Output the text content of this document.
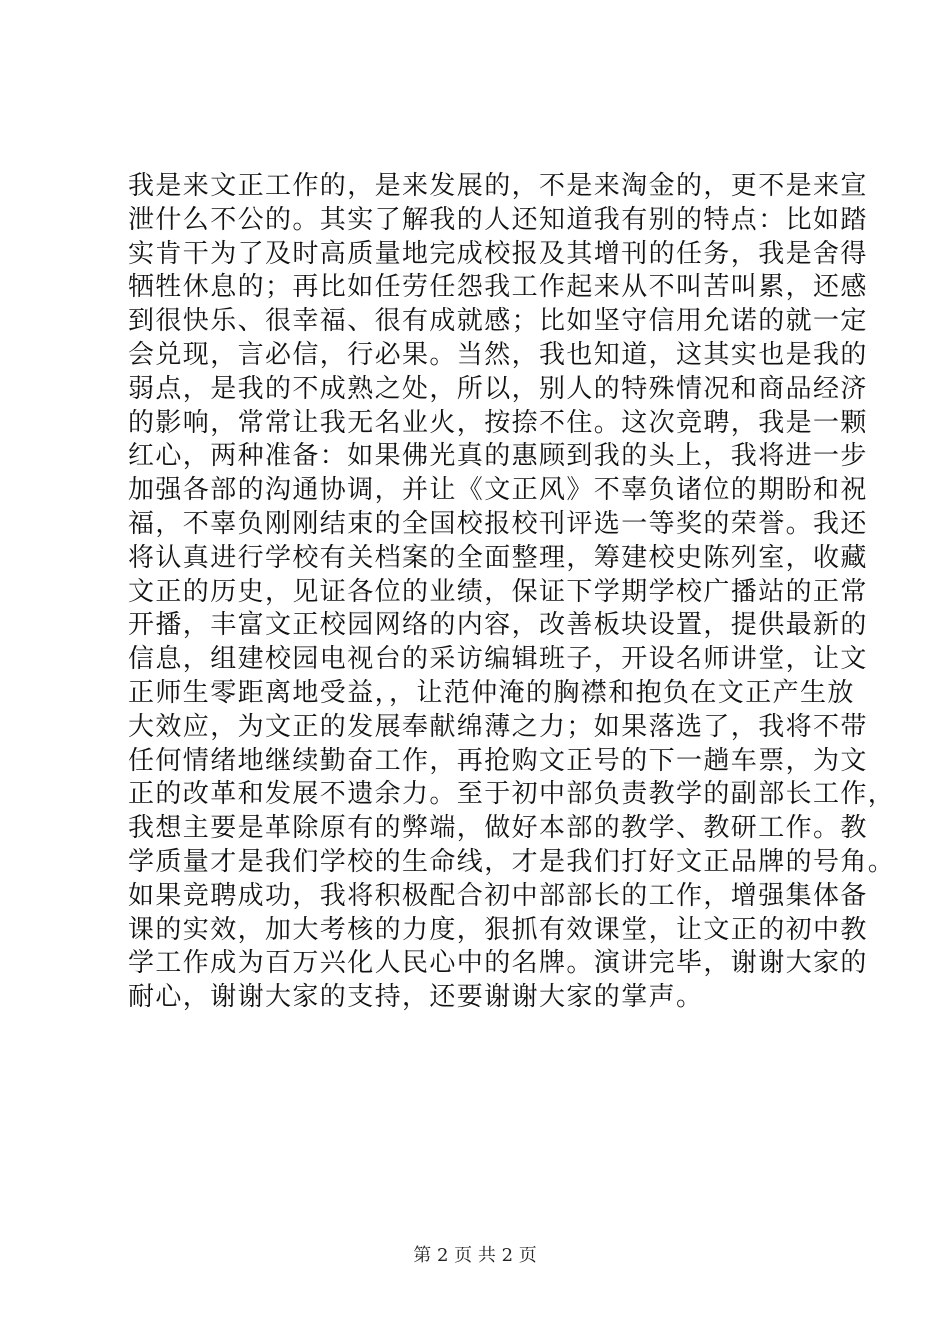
我是来文正工作的，是来发展的，不是来淘金的，更不是来宣
泄什么不公的。其实了解我的人还知道我有别的特点：比如踏
实肯干为了及时高质量地完成校报及其增刊的任务，我是舍得
牺牲休息的；再比如任劳任怨我工作起来从不叫苦叫累，还感
到很快乐、很幸福、很有成就感；比如坚守信用允诺的就一定
会兑现，言必信，行必果。当然，我也知道，这其实也是我的
弱点，是我的不成熟之处，所以，别人的特殊情况和商品经济
的影响，常常让我无名业火，按捺不住。这次竞聘，我是一颗
红心，两种准备：如果佛光真的惠顾到我的头上，我将进一步
加强各部的沟通协调，并让《文正风》不辜负诸位的期盼和祝
福，不辜负刚刚结束的全国校报校刊评选一等奖的荣誉。我还
将认真进行学校有关档案的全面整理，筹建校史陈列室，收藏
文正的历史，见证各位的业绩，保证下学期学校广播站的正常
开播，丰富文正校园网络的内容，改善板块设置，提供最新的
信息，组建校园电视台的采访编辑班子，开设名师讲堂，让文
正师生零距离地受益，，让范仲淹的胸襟和抱负在文正产生放
大效应，为文正的发展奉献绵薄之力；如果落选了，我将不带
任何情绪地继续勤奋工作，再抢购文正号的下一趟车票，为文
正的改革和发展不遗余力。至于初中部负责教学的副部长工作，
我想主要是革除原有的弊端，做好本部的教学、教研工作。教
学质量才是我们学校的生命线，才是我们打好文正品牌的号角。
如果竞聘成功，我将积极配合初中部部长的工作，增强集体备
课的实效，加大考核的力度，狠抓有效课堂，让文正的初中教
学工作成为百万兴化人民心中的名牌。演讲完毕，谢谢大家的
耐心，谢谢大家的支持，还要谢谢大家的掌声。
第 2 页 共 2 页
